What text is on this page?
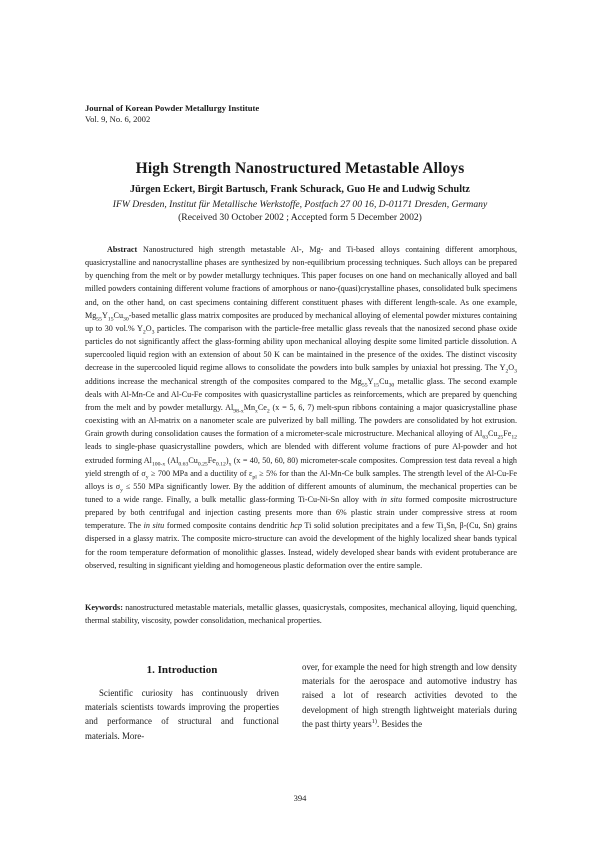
Journal of Korean Powder Metallurgy Institute
Vol. 9, No. 6, 2002
High Strength Nanostructured Metastable Alloys
Jürgen Eckert, Birgit Bartusch, Frank Schurack, Guo He and Ludwig Schultz
IFW Dresden, Institut für Metallische Werkstoffe, Postfach 27 00 16, D-01171 Dresden, Germany
(Received 30 October 2002 ; Accepted form 5 December 2002)
Abstract Nanostructured high strength metastable Al-, Mg- and Ti-based alloys containing different amorphous, quasicrystalline and nanocrystalline phases are synthesized by non-equilibrium processing techniques. Such alloys can be prepared by quenching from the melt or by powder metallurgy techniques. This paper focuses on one hand on mechanically alloyed and ball milled powders containing different volume fractions of amorphous or nano-(quasi)crystalline phases, consolidated bulk specimens and, on the other hand, on cast specimens containing different constituent phases with different length-scale. As one example, $Mg_{55}Y_{15}Cu_{30}$-based metallic glass matrix composites are produced by mechanical alloying of elemental powder mixtures containing up to 30 vol.% $Y_2O_3$ particles. The comparison with the particle-free metallic glass reveals that the nanosized second phase oxide particles do not significantly affect the glass-forming ability upon mechanical alloying despite some limited particle dissolution. A supercooled liquid region with an extension of about 50 K can be maintained in the presence of the oxides. The distinct viscosity decrease in the supercooled liquid regime allows to consolidate the powders into bulk samples by uniaxial hot pressing. The $Y_2O_3$ additions increase the mechanical strength of the composites compared to the $Mg_{55}Y_{15}Cu_{30}$ metallic glass. The second example deals with Al-Mn-Ce and Al-Cu-Fe composites with quasicrystalline particles as reinforcements, which are prepared by quenching from the melt and by powder metallurgy. $Al_{98-x}Mn_xCe_2$ (x = 5, 6, 7) melt-spun ribbons containing a major quasicrystalline phase coexisting with an Al-matrix on a nanometer scale are pulverized by ball milling. The powders are consolidated by hot extrusion. Grain growth during consolidation causes the formation of a micrometer-scale microstructure. Mechanical alloying of $Al_{63}Cu_{25}Fe_{12}$ leads to single-phase quasicrystalline powders, which are blended with different volume fractions of pure Al-powder and hot extruded forming $Al_{100-x}$ $(Al_{0.63}Cu_{0.25}Fe_{0.12})_x$ (x = 40, 50, 60, 80) micrometer-scale composites. Compression test data reveal a high yield strength of $\sigma_y \ge 700$ MPa and a ductility of $\varepsilon_{pl} \ge 5\%$ for than the Al-Mn-Ce bulk samples. The strength level of the Al-Cu-Fe alloys is $\sigma_y \le 550$ MPa significantly lower. By the addition of different amounts of aluminum, the mechanical properties can be tuned to a wide range. Finally, a bulk metallic glass-forming Ti-Cu-Ni-Sn alloy with in situ formed composite microstructure prepared by both centrifugal and injection casting presents more than 6% plastic strain under compressive stress at room temperature. The in situ formed composite contains dendritic hcp Ti solid solution precipitates and a few $Ti_3Sn$, β-(Cu, Sn) grains dispersed in a glassy matrix. The composite micro-structure can avoid the development of the highly localized shear bands typical for the room temperature deformation of monolithic glasses. Instead, widely developed shear bands with evident protuberance are observed, resulting in significant yielding and homogeneous plastic deformation over the entire sample.
Keywords: nanostructured metastable materials, metallic glasses, quasicrystals, composites, mechanical alloying, liquid quenching, thermal stability, viscosity, powder consolidation, mechanical properties.
1. Introduction
Scientific curiosity has continuously driven materials scientists towards improving the properties and performance of structural and functional materials. More-
over, for example the need for high strength and low density materials for the aerospace and automotive industry has raised a lot of research activities devoted to the development of high strength lightweight materials during the past thirty years$^{1)}$. Besides the
394
